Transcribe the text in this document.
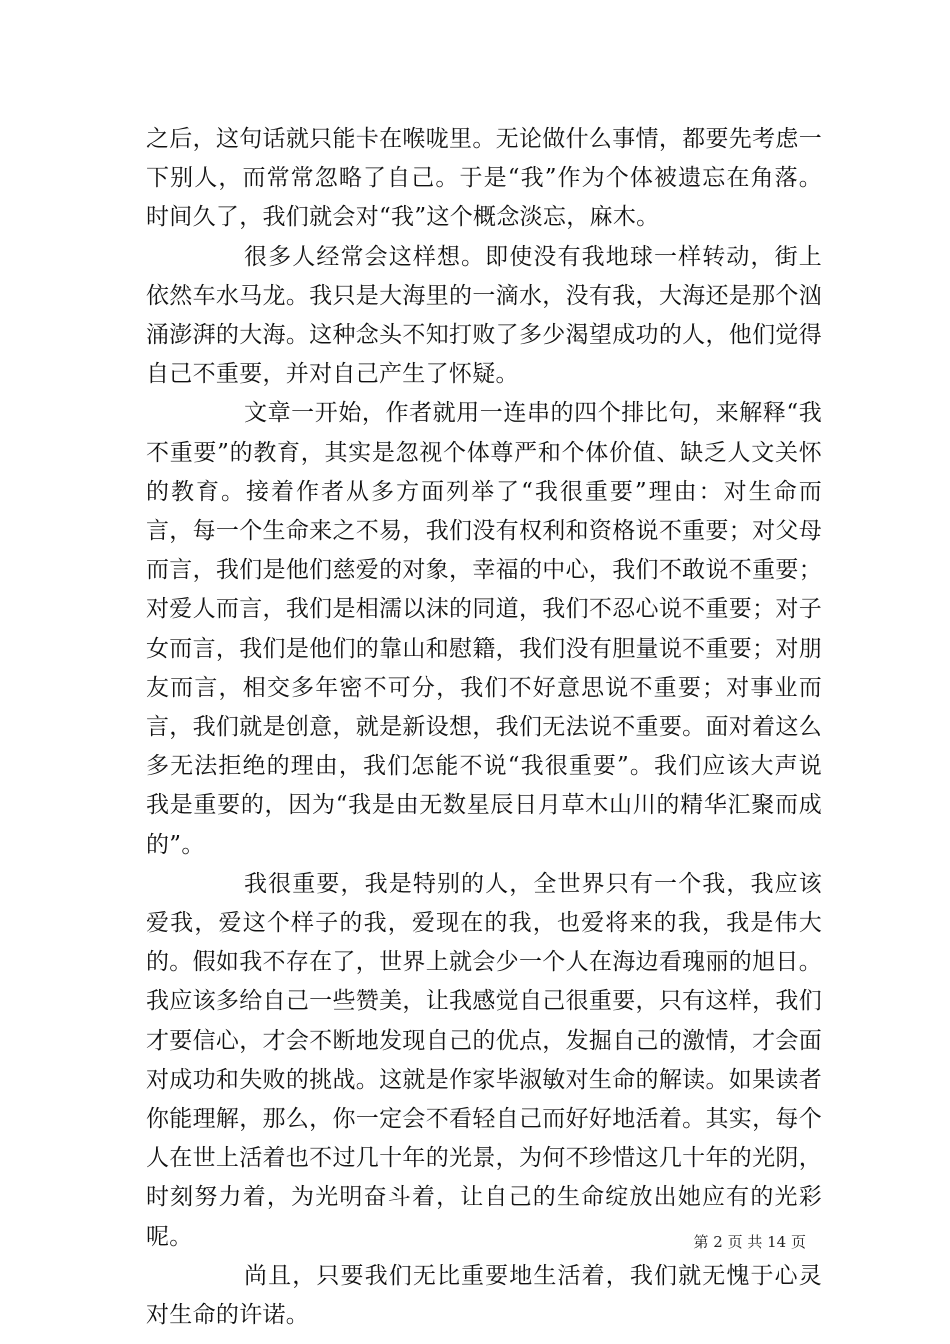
之后，这句话就只能卡在喉咙里。无论做什么事情，都要先考虑一下别人，而常常忽略了自己。于是“我”作为个体被遗忘在角落。时间久了，我们就会对“我”这个概念淡忘，麻木。

很多人经常会这样想。即使没有我地球一样转动，街上依然车水马龙。我只是大海里的一滴水，没有我，大海还是那个汹涌澎湃的大海。这种念头不知打败了多少渴望成功的人，他们觉得自己不重要，并对自己产生了怀疑。

文章一开始，作者就用一连串的四个排比句，来解释“我不重要”的教育，其实是忽视个体尊严和个体价值、缺乏人文关怀的教育。接着作者从多方面列举了“我很重要”理由：对生命而言，每一个生命来之不易，我们没有权利和资格说不重要；对父母而言，我们是他们慈爱的对象，幸福的中心，我们不敢说不重要；对爱人而言，我们是相濡以沫的同道，我们不忍心说不重要；对子女而言，我们是他们的靠山和慰籍，我们没有胆量说不重要；对朋友而言，相交多年密不可分，我们不好意思说不重要；对事业而言，我们就是创意，就是新设想，我们无法说不重要。面对着这么多无法拒绝的理由，我们怎能不说“我很重要”。我们应该大声说我是重要的，因为“我是由无数星辰日月草木山川的精华汇聚而成的”。

我很重要，我是特别的人，全世界只有一个我，我应该爱我，爱这个样子的我，爱现在的我，也爱将来的我，我是伟大的。假如我不存在了，世界上就会少一个人在海边看瑰丽的旭日。我应该多给自己一些赞美，让我感觉自己很重要，只有这样，我们才要信心，才会不断地发现自己的优点，发掘自己的激情，才会面对成功和失败的挑战。这就是作家毕淑敏对生命的解读。如果读者你能理解，那么，你一定会不看轻自己而好好地活着。其实，每个人在世上活着也不过几十年的光景，为何不珍惜这几十年的光阴，时刻努力着，为光明奋斗着，让自己的生命绽放出她应有的光彩呢。

尚且，只要我们无比重要地生活着，我们就无愧于心灵对生命的许诺。

第 2 页 共 14 页
